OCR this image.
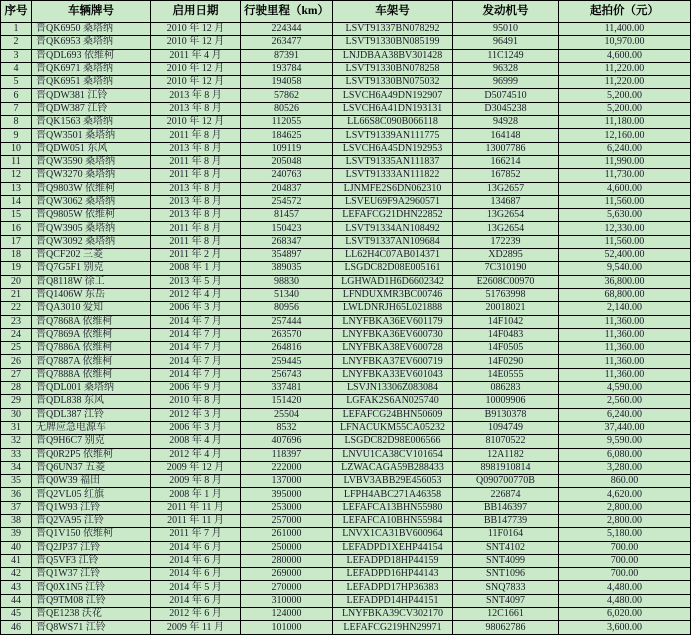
序号	车辆牌号	启用日期	行驶里程（km）	车架号	发动机号	起拍价（元）
1	晋QK6950 桑塔纳	2010 年 12 月	224344	LSVT91337BN078292	95010	11,400.00
2	晋QK6953 桑塔纳	2010 年 12 月	263477	LSVT91330BN085199	96491	10,970.00
3	晋QDL693 依维柯	2011 年 4 月	87391	LNJDBAA38BV301428	11C1249	4,600.00
4	晋QK6971 桑塔纳	2010 年 12 月	193784	LSVT91330BN078258	96328	11,220.00
5	晋QK6951 桑塔纳	2010 年 12 月	194058	LSVT91330BN075032	96999	11,220.00
6	晋QDW381 江铃	2013 年 8 月	57862	LSVCH6A49DN192907	D5074510	5,200.00
7	晋QDW387 江铃	2013 年 8 月	80526	LSVCH6A41DN193131	D3045238	5,200.00
8	晋QK1563 桑塔纳	2010 年 12 月	112055	LL66S8C090B066118	94928	11,180.00
9	晋QW3501 桑塔纳	2011 年 8 月	184625	LSVT91339AN111775	164148	12,160.00
10	晋QDW051 东风	2013 年 8 月	109119	LSVCH6A45DN192953	13007786	6,240.00
11	晋QW3590 桑塔纳	2011 年 8 月	205048	LSVT91335AN111837	166214	11,990.00
12	晋QW3270 桑塔纳	2011 年 8 月	240763	LSVT91333AN111822	167852	11,730.00
13	晋Q9803W 依维柯	2013 年 8 月	204837	LJNMFE2S6DN062310	13G2657	4,600.00
14	晋QW3062 桑塔纳	2013 年 8 月	254572	LSVEU69F9A2960571	134687	11,560.00
15	晋Q9805W 依维柯	2013 年 8 月	81457	LEFAFCG21DHN22852	13G2654	5,630.00
16	晋QW3905 桑塔纳	2011 年 8 月	150423	LSVT91334AN108492	13G2654	12,330.00
17	晋QW3092 桑塔纳	2011 年 8 月	268347	LSVT91337AN109684	172239	11,560.00
18	晋QCF202 三菱	2011 年 2 月	354897	LL62H4C07AB014371	XD2895	52,400.00
19	晋Q7G5F1 别克	2008 年 1 月	389035	LSGDC82D08E005161	7C310190	9,540.00
20	晋Q8118W 徐工	2013 年 5 月	98830	LGHWAD1H6D6602342	E2608C00970	36,800.00
21	晋Q1406W 东岳	2012 年 4 月	51340	LFNDUXMR3BC00746	51763998	68,800.00
22	晋QA3010 爱知	2006 年 3 月	80956	LWLDNRJH65L021888	20018021	2,140.00
23	晋Q7868A 依维柯	2014 年 7 月	257444	LNYFBKA36EV601179	14F1042	11,360.00
24	晋Q7869A 依维柯	2014 年 7 月	263570	LNYFBKA36EV600730	14F0483	11,360.00
25	晋Q7886A 依维柯	2014 年 7 月	264816	LNYFBKA38EV600728	14F0505	11,360.00
26	晋Q7887A 依维柯	2014 年 7 月	259445	LNYFBKA37EV600719	14F0290	11,360.00
27	晋Q7888A 依维柯	2014 年 7 月	256743	LNYFBKA33EV601043	14E0555	11,360.00
28	晋QDL001 桑塔纳	2006 年 9 月	337481	LSVJN13306Z083084	086283	4,590.00
29	晋QDL838 东风	2010 年 8 月	151420	LGFAK2S6AN025740	10009906	2,560.00
30	晋QDL387 江铃	2012 年 3 月	25504	LEFAFCG24BHN50609	B9130378	6,240.00
31	无牌应急电源车	2006 年 3 月	8532	LFNACUKM55CA05232	1094749	37,440.00
32	晋Q9H6C7 别克	2008 年 4 月	407696	LSGDC82D98E006566	81070522	9,590.00
33	晋Q0R2P5 依维柯	2012 年 4 月	118397	LNVU1CA38CV101654	12A1182	6,080.00
34	晋Q6UN37 五菱	2009 年 12 月	222000	LZWACAGA59B288433	8981910814	3,280.00
35	晋Q0W39 福田	2009 年 8 月	137000	LVBV3ABB29E456053	Q090700770B	860.00
36	晋Q2VL05 红旗	2008 年 1 月	395000	LFPH4ABC271A46358	226874	4,620.00
37	晋Q1W93 江铃	2011 年 11 月	253000	LEFAFCA13BHN55980	BB146397	2,800.00
38	晋Q2VA95 江铃	2011 年 11 月	257000	LEFAFCA10BHN55984	BB147739	2,800.00
39	晋Q1V150 依维柯	2011 年 7 月	261000	LNVX1CA31BV600964	11F0164	5,180.00
40	晋Q2JP37 江铃	2014 年 6 月	250000	LEFADPD1XEHP44154	SNT4102	700.00
41	晋Q5VF3 江铃	2014 年 6 月	280000	LEFADPD18HP44159	SNT4099	700.00
42	晋Q1W37 江铃	2014 年 6 月	269000	LEFADPD16HP44143	SNT1096	700.00
43	晋Q0X1N5 江铃	2014 年 5 月	270000	LEFADPD17HP36383	SNQ7833	4,480.00
44	晋Q9TM08 江铃	2014 年 6 月	310000	LEFADPD14HP44151	SNT4097	4,480.00
45	晋QE1238 沃花	2012 年 6 月	124000	LNYFBKA39CV302170	12C1661	6,020.00
46	晋Q8WS71 江铃	2009 年 11 月	101000	LEFAFCG219HN29971	98062786	3,600.00
